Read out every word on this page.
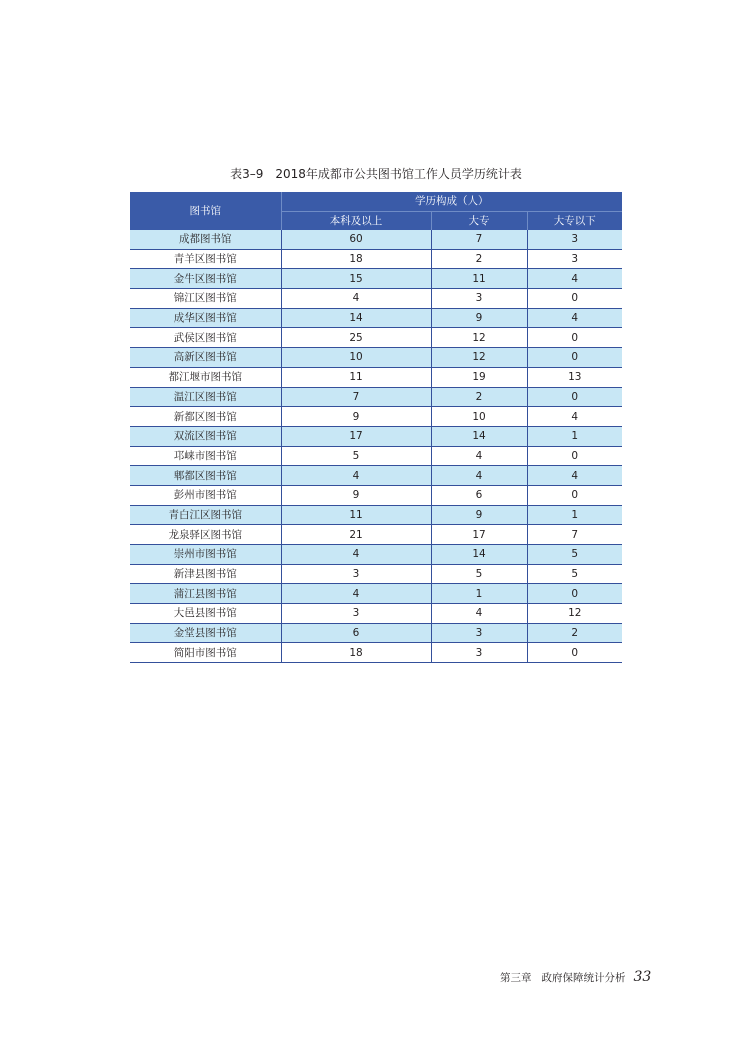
表3–9 2018年成都市公共图书馆工作人员学历统计表
图书馆	学历构成（人）		
	本科及以上	大专	大专以下
成都图书馆	60	7	3
青羊区图书馆	18	2	3
金牛区图书馆	15	11	4
锦江区图书馆	4	3	0
成华区图书馆	14	9	4
武侯区图书馆	25	12	0
高新区图书馆	10	12	0
都江堰市图书馆	11	19	13
温江区图书馆	7	2	0
新都区图书馆	9	10	4
双流区图书馆	17	14	1
邛崃市图书馆	5	4	0
郫都区图书馆	4	4	4
彭州市图书馆	9	6	0
青白江区图书馆	11	9	1
龙泉驿区图书馆	21	17	7
崇州市图书馆	4	14	5
新津县图书馆	3	5	5
蒲江县图书馆	4	1	0
大邑县图书馆	3	4	12
金堂县图书馆	6	3	2
简阳市图书馆	18	3	0
第三章 政府保障统计分析 33
